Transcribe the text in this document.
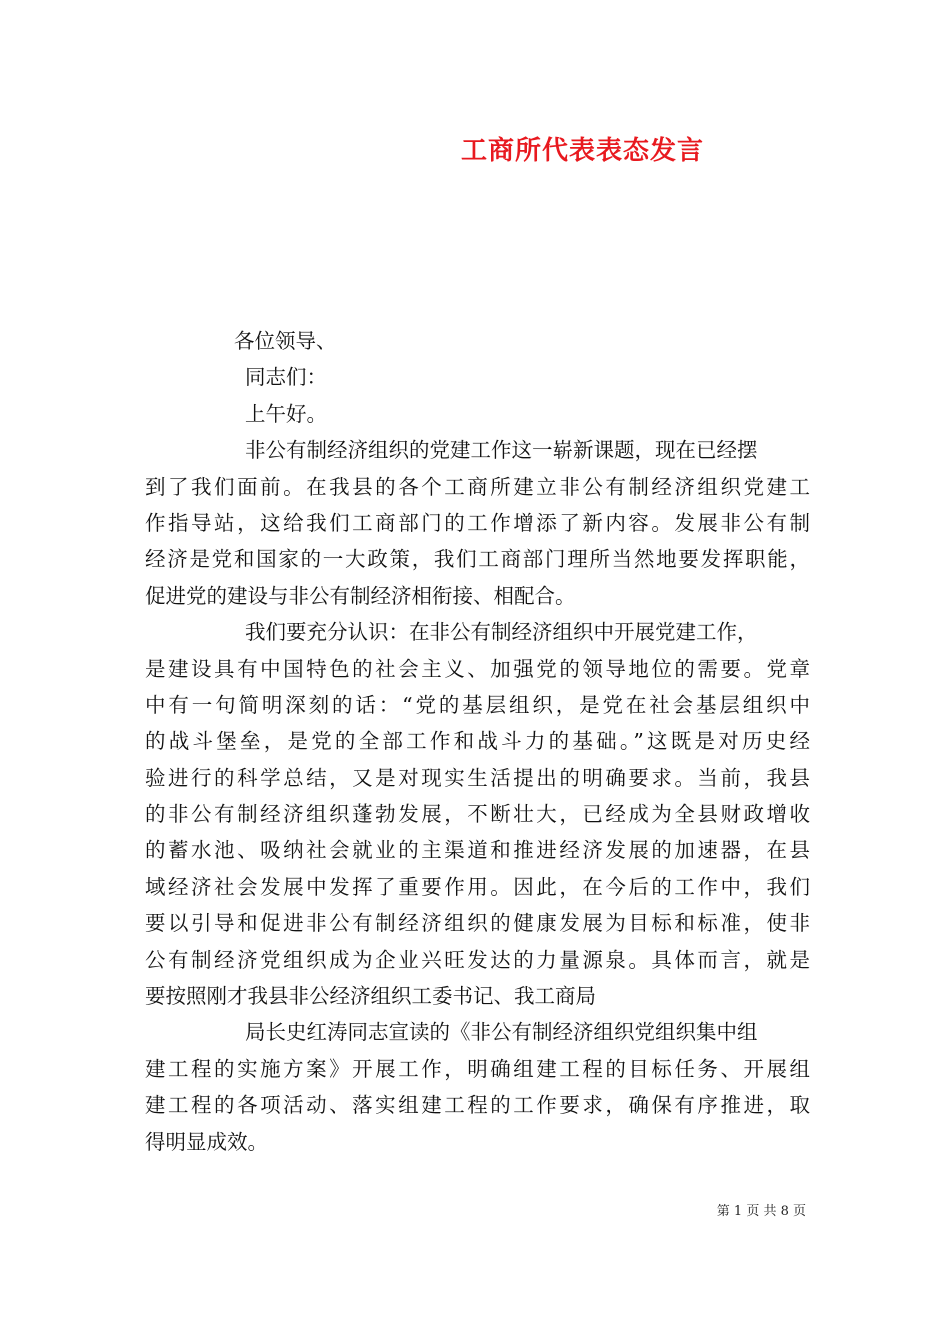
工商所代表表态发言
各位领导、
同志们：
上午好。
非公有制经济组织的党建工作这一崭新课题，现在已经摆
到了我们面前。在我县的各个工商所建立非公有制经济组织党建工
作指导站，这给我们工商部门的工作增添了新内容。发展非公有制
经济是党和国家的一大政策，我们工商部门理所当然地要发挥职能，
促进党的建设与非公有制经济相衔接、相配合。
我们要充分认识：在非公有制经济组织中开展党建工作，
是建设具有中国特色的社会主义、加强党的领导地位的需要。党章
中有一句简明深刻的话：“党的基层组织，是党在社会基层组织中
的战斗堡垒，是党的全部工作和战斗力的基础。”这既是对历史经
验进行的科学总结，又是对现实生活提出的明确要求。当前，我县
的非公有制经济组织蓬勃发展，不断壮大，已经成为全县财政增收
的蓄水池、吸纳社会就业的主渠道和推进经济发展的加速器，在县
域经济社会发展中发挥了重要作用。因此，在今后的工作中，我们
要以引导和促进非公有制经济组织的健康发展为目标和标准，使非
公有制经济党组织成为企业兴旺发达的力量源泉。具体而言，就是
要按照刚才我县非公经济组织工委书记、我工商局
局长史红涛同志宣读的《非公有制经济组织党组织集中组
建工程的实施方案》开展工作，明确组建工程的目标任务、开展组
建工程的各项活动、落实组建工程的工作要求，确保有序推进，取
得明显成效。
第 1 页 共 8 页
